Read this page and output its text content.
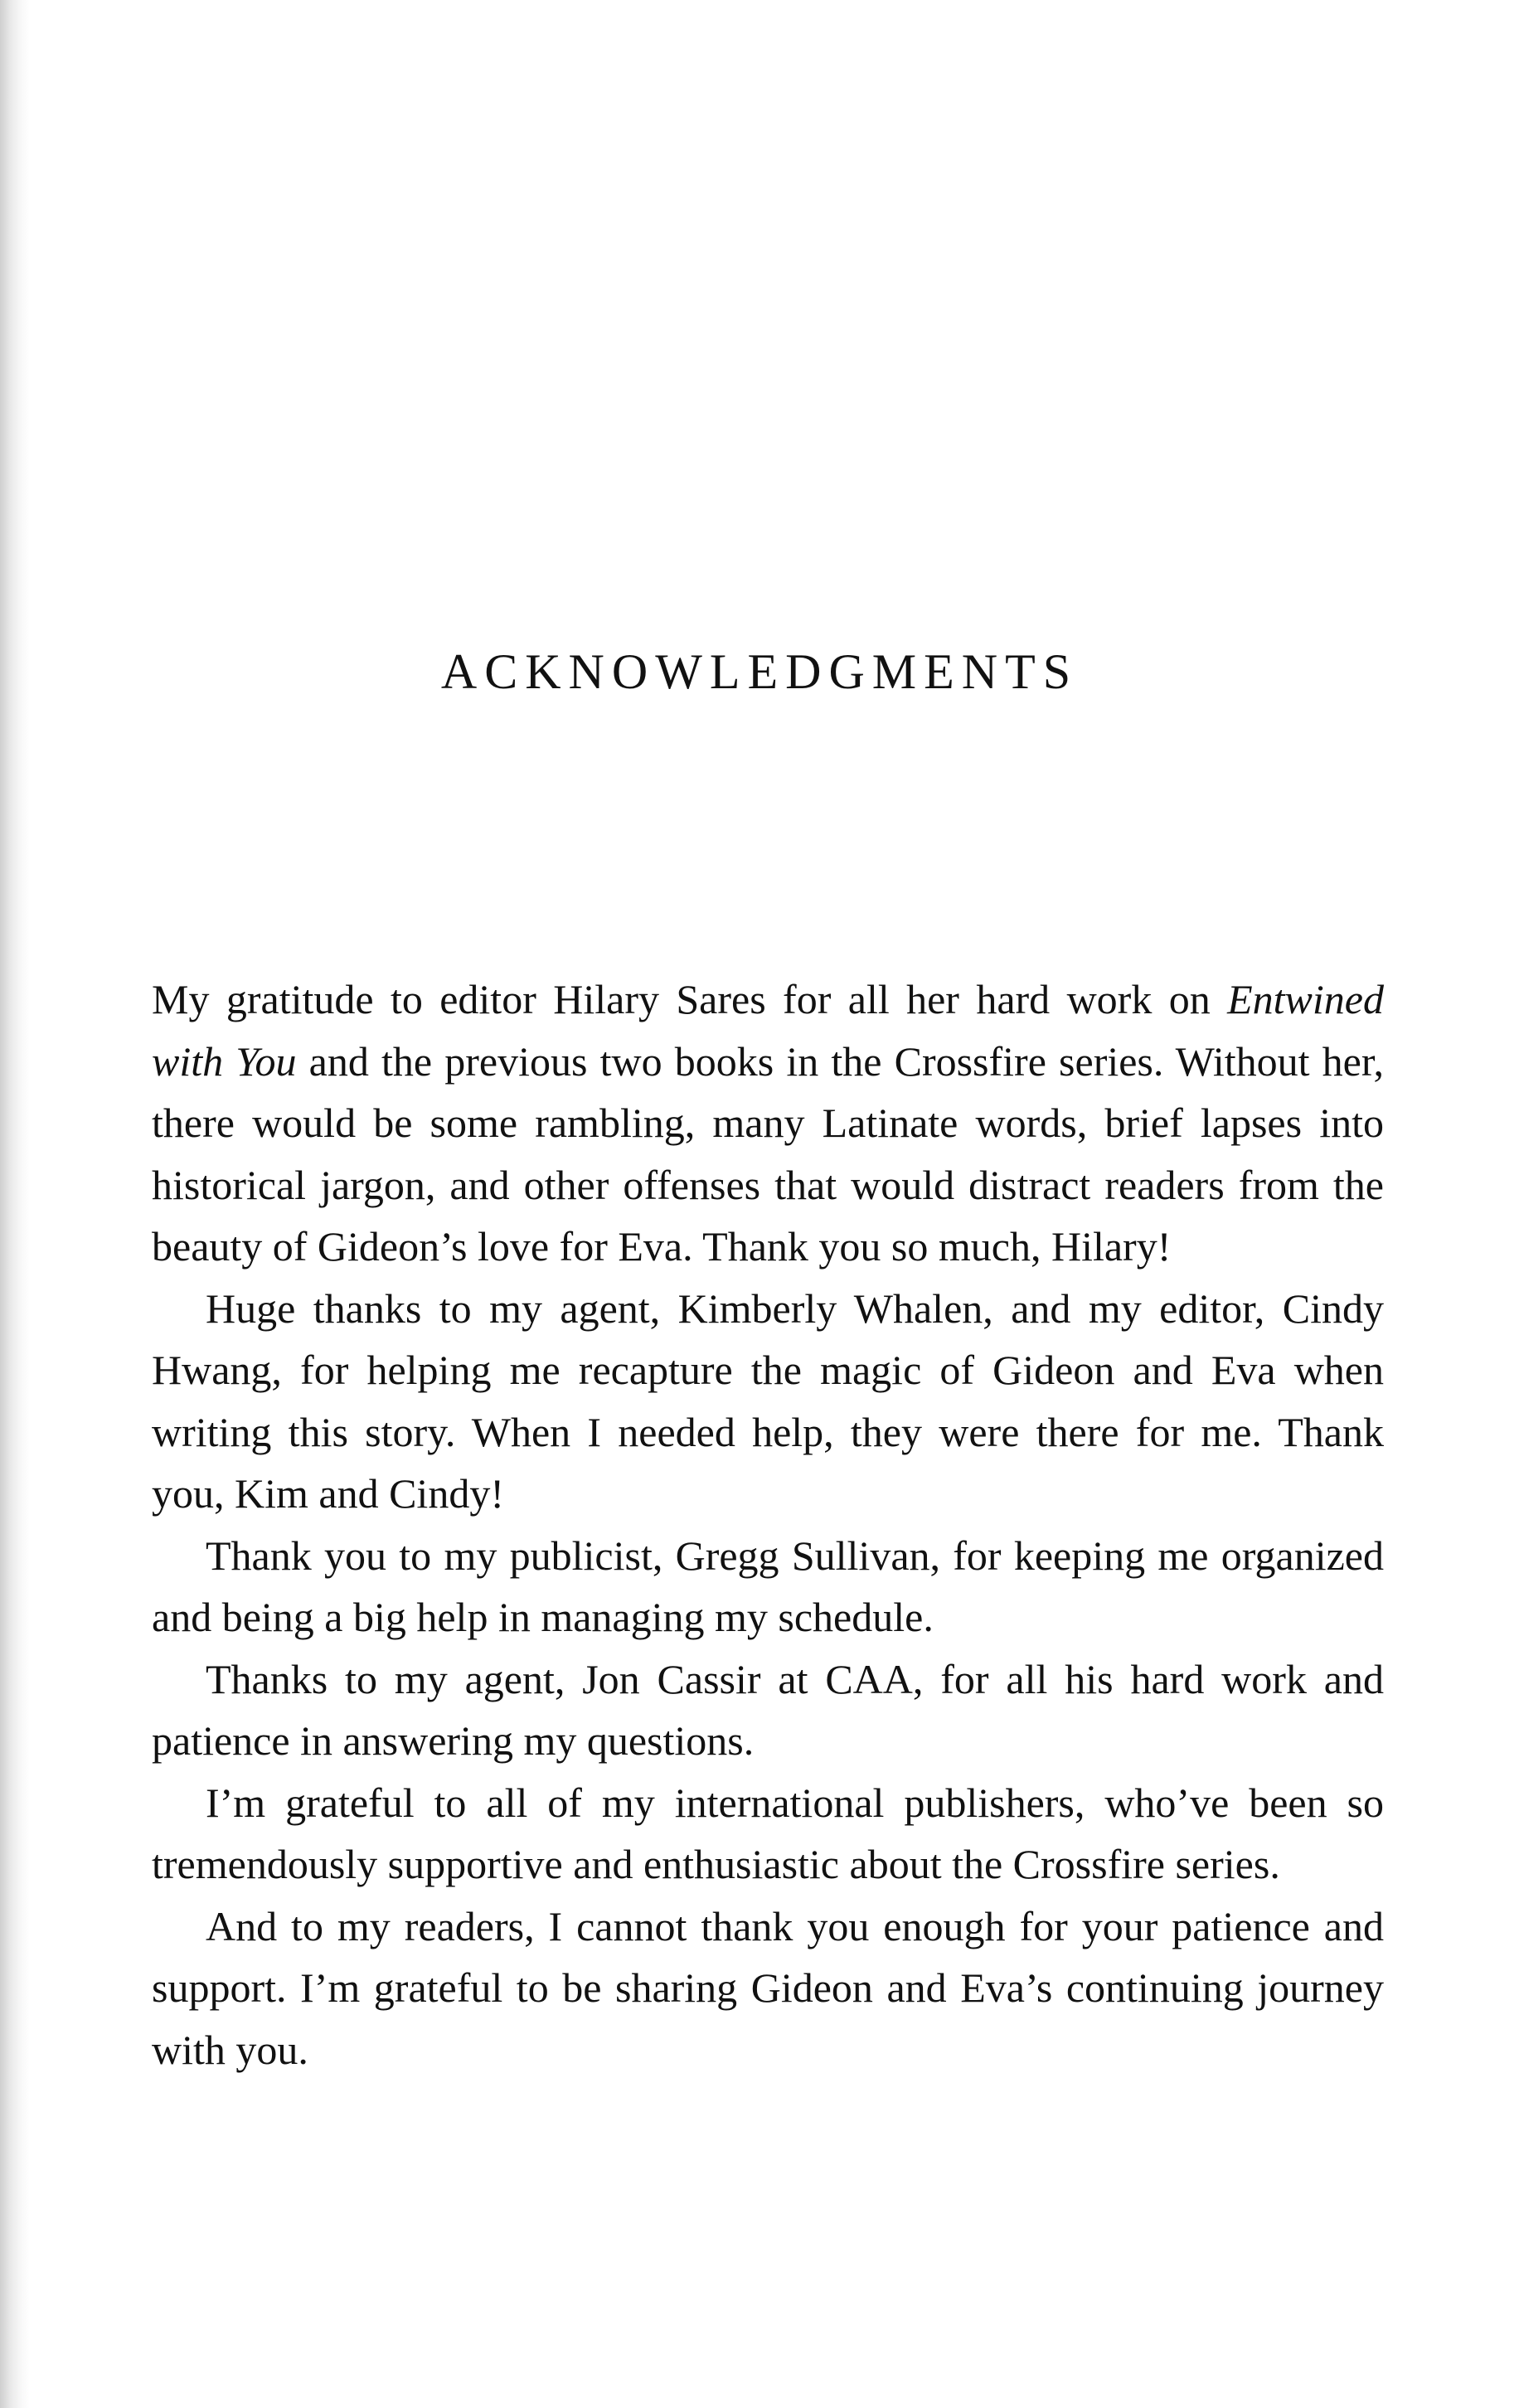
ACKNOWLEDGMENTS

My gratitude to editor Hilary Sares for all her hard work on Entwined with You and the previous two books in the Crossfire series. Without her, there would be some rambling, many Latinate words, brief lapses into historical jargon, and other offenses that would distract readers from the beauty of Gideon’s love for Eva. Thank you so much, Hilary!

Huge thanks to my agent, Kimberly Whalen, and my editor, Cindy Hwang, for helping me recapture the magic of Gideon and Eva when writing this story. When I needed help, they were there for me. Thank you, Kim and Cindy!

Thank you to my publicist, Gregg Sullivan, for keeping me organized and being a big help in managing my schedule.

Thanks to my agent, Jon Cassir at CAA, for all his hard work and patience in answering my questions.

I’m grateful to all of my international publishers, who’ve been so tremendously supportive and enthusiastic about the Crossfire series.

And to my readers, I cannot thank you enough for your patience and support. I’m grateful to be sharing Gideon and Eva’s continuing journey with you.
